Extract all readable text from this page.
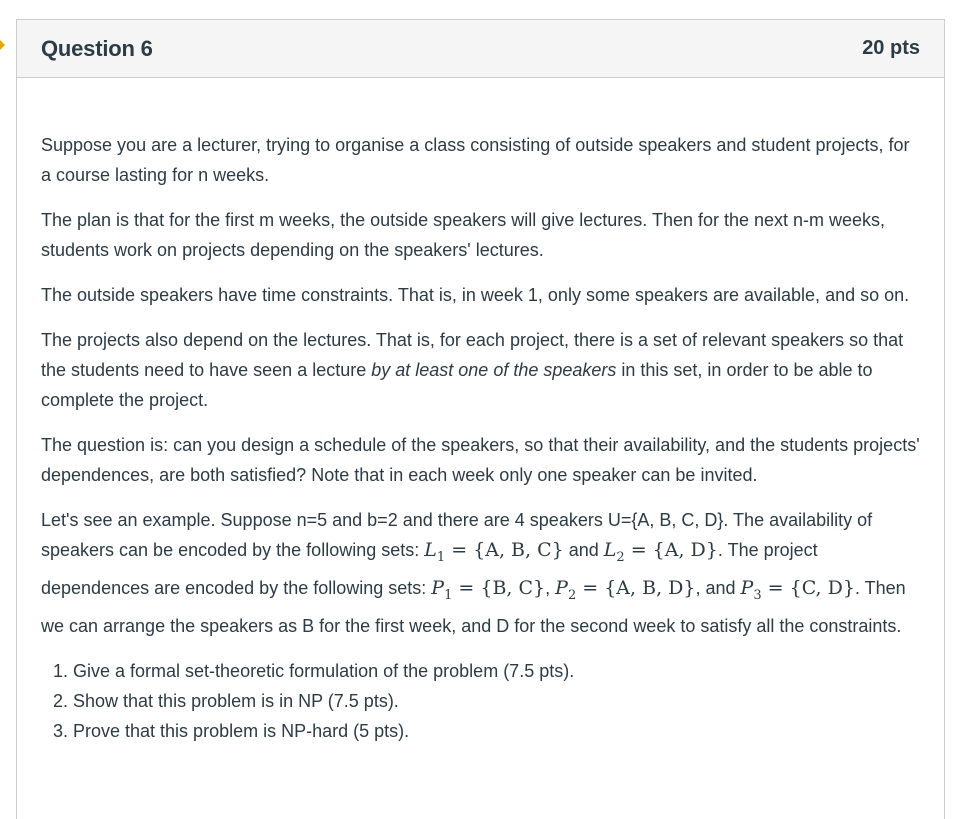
Question 6	20 pts

Suppose you are a lecturer, trying to organise a class consisting of outside speakers and student projects, for a course lasting for n weeks.

The plan is that for the first m weeks, the outside speakers will give lectures. Then for the next n-m weeks, students work on projects depending on the speakers' lectures.

The outside speakers have time constraints. That is, in week 1, only some speakers are available, and so on.

The projects also depend on the lectures. That is, for each project, there is a set of relevant speakers so that the students need to have seen a lecture by at least one of the speakers in this set, in order to be able to complete the project.

The question is: can you design a schedule of the speakers, so that their availability, and the students projects' dependences, are both satisfied? Note that in each week only one speaker can be invited.

Let's see an example. Suppose n=5 and b=2 and there are 4 speakers U={A, B, C, D}. The availability of speakers can be encoded by the following sets: $L_1 = \{A$, B, C} and $L_2 = \{A$, D}. The project dependences are encoded by the following sets: $P_1 = \{B$, C}, $P_2 = \{A$, B, D}, and $P_3 = \{C$, D}. Then we can arrange the speakers as B for the first week, and D for the second week to satisfy all the constraints.

1. Give a formal set-theoretic formulation of the problem (7.5 pts).
2. Show that this problem is in NP (7.5 pts).
3. Prove that this problem is NP-hard (5 pts).
